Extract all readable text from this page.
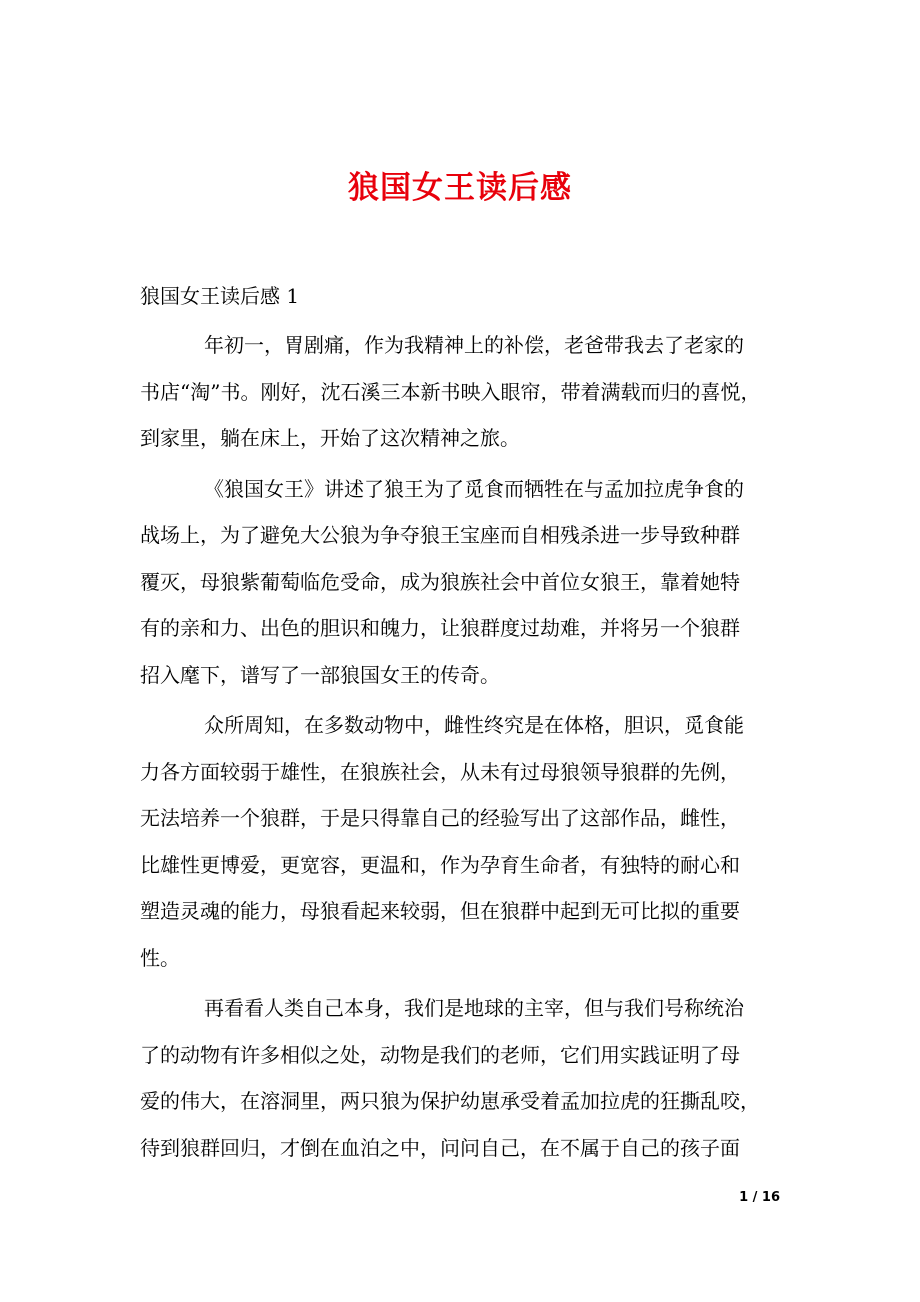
狼国女王读后感
狼国女王读后感 1

年初一，胃剧痛，作为我精神上的补偿，老爸带我去了老家的
书店“淘”书。刚好，沈石溪三本新书映入眼帘，带着满载而归的喜悦，
到家里，躺在床上，开始了这次精神之旅。

《狼国女王》讲述了狼王为了觅食而牺牲在与孟加拉虎争食的
战场上，为了避免大公狼为争夺狼王宝座而自相残杀进一步导致种群
覆灭，母狼紫葡萄临危受命，成为狼族社会中首位女狼王，靠着她特
有的亲和力、出色的胆识和魄力，让狼群度过劫难，并将另一个狼群
招入麾下，谱写了一部狼国女王的传奇。

众所周知，在多数动物中，雌性终究是在体格，胆识，觅食能
力各方面较弱于雄性，在狼族社会，从未有过母狼领导狼群的先例，
无法培养一个狼群，于是只得靠自己的经验写出了这部作品，雌性，
比雄性更博爱，更宽容，更温和，作为孕育生命者，有独特的耐心和
塑造灵魂的能力，母狼看起来较弱，但在狼群中起到无可比拟的重要
性。

再看看人类自己本身，我们是地球的主宰，但与我们号称统治
了的动物有许多相似之处，动物是我们的老师，它们用实践证明了母
爱的伟大，在溶洞里，两只狼为保护幼崽承受着孟加拉虎的狂撕乱咬，
待到狼群回归，才倒在血泊之中，问问自己，在不属于自己的孩子面

1 / 16
